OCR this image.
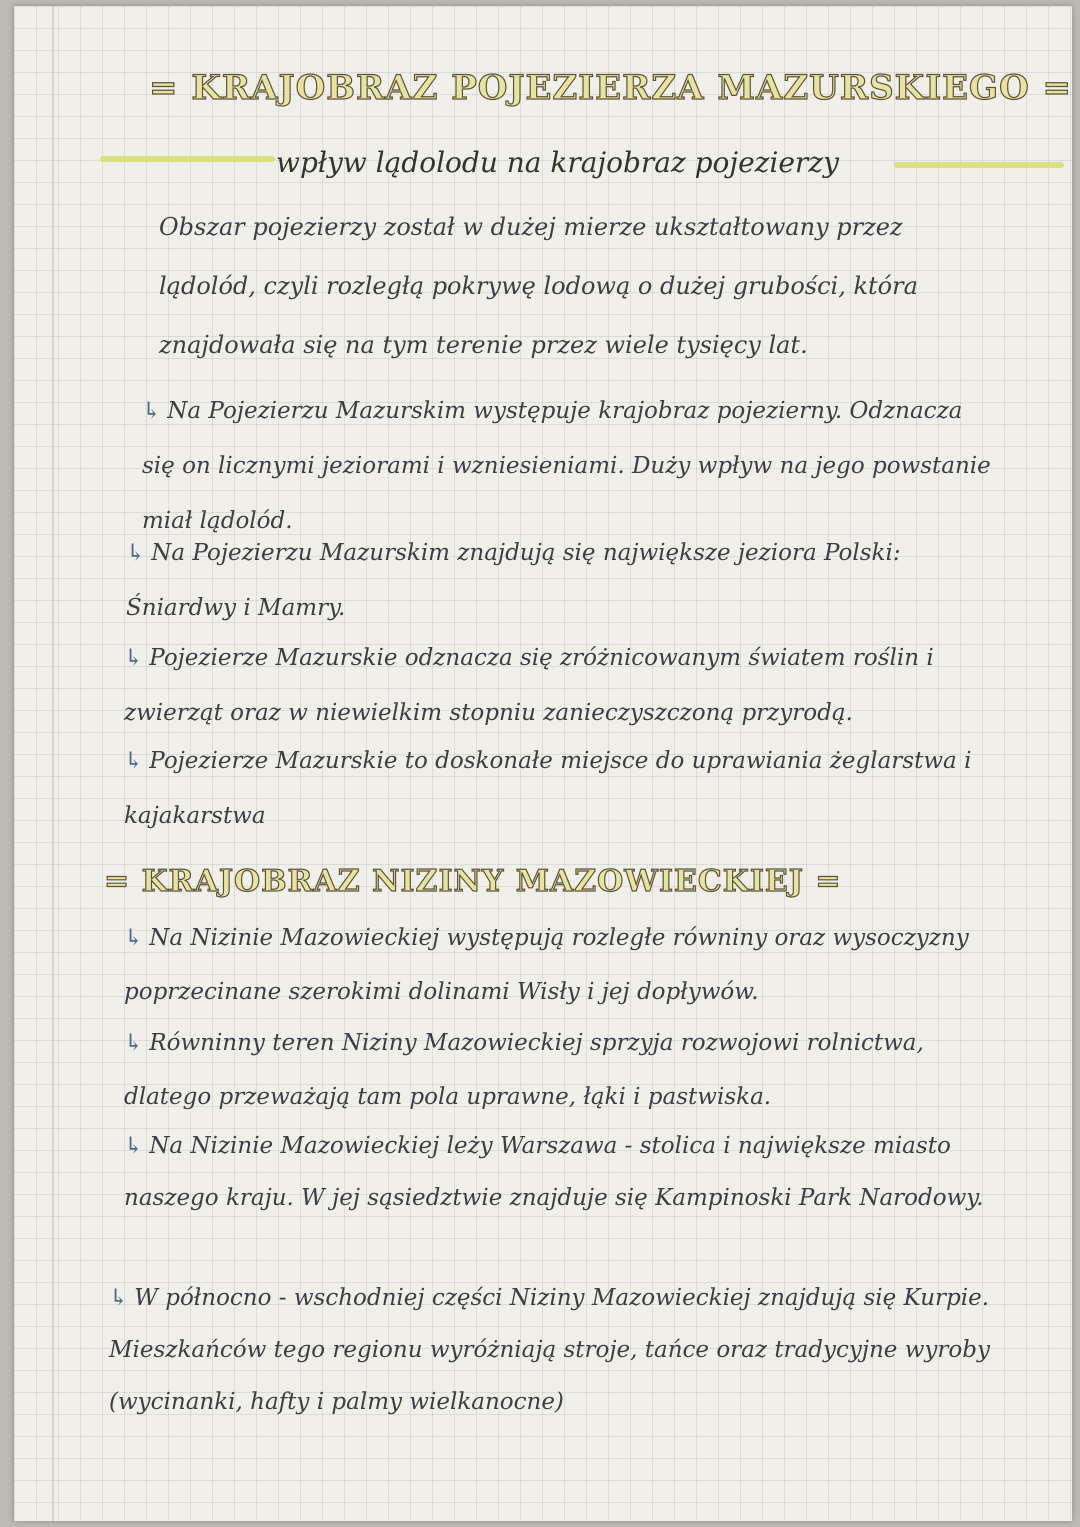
= KRAJOBRAZ POJEZIERZA MAZURSKIEGO =
wpływ lądolodu na krajobraz pojezierzy
Obszar pojezierzy został w dużej mierze ukształtowany przez lądolód, czyli rozległą pokrywę lodową o dużej grubości, która znajdowała się na tym terenie przez wiele tysięcy lat.
↳ Na Pojezierzu Mazurskim występuje krajobraz pojezierny. Odznacza się on licznymi jeziorami i wzniesieniami. Duży wpływ na jego powstanie miał lądolód.
↳ Na Pojezierzu Mazurskim znajdują się największe jeziora Polski: Śniardwy i Mamry.
↳ Pojezierze Mazurskie odznacza się zróżnicowanym światem roślin i zwierząt oraz w niewielkim stopniu zanieczyszczoną przyrodą.
↳ Pojezierze Mazurskie to doskonałe miejsce do uprawiania żeglarstwa i kajakarstwa
= KRAJOBRAZ NIZINY MAZOWIECKIEJ =
↳ Na Nizinie Mazowieckiej występują rozległe równiny oraz wysoczyzny poprzecinane szerokimi dolinami Wisły i jej dopływów.
↳ Równinny teren Niziny Mazowieckiej sprzyja rozwojowi rolnictwa, dlatego przeważają tam pola uprawne, łąki i pastwiska.
↳ Na Nizinie Mazowieckiej leży Warszawa - stolica i największe miasto naszego kraju. W jej sąsiedztwie znajduje się Kampinoski Park Narodowy.
↳ W północno - wschodniej części Niziny Mazowieckiej znajdują się Kurpie. Mieszkańców tego regionu wyróżniają stroje, tańce oraz tradycyjne wyroby (wycinanki, hafty i palmy wielkanocne)
